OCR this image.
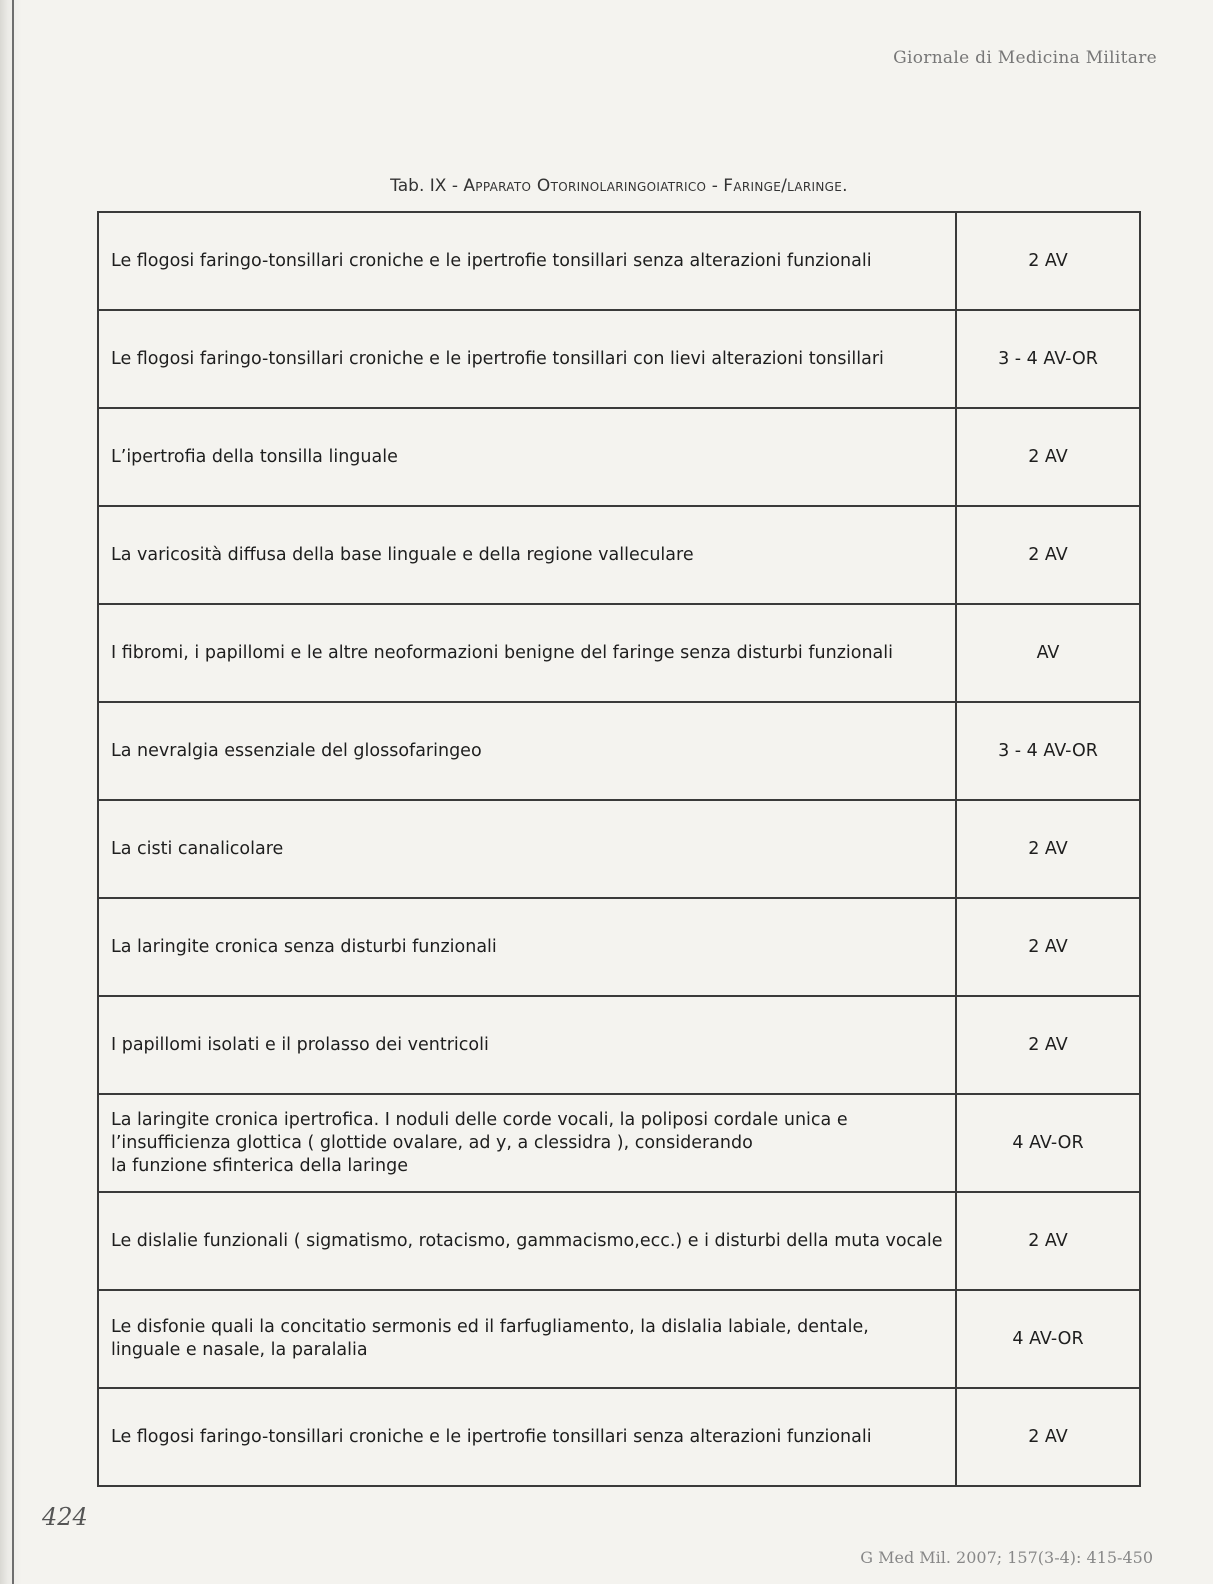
Giornale di Medicina Militare
Tab. IX - Apparato Otorinolaringoiatrico - Faringe/laringe.
Le flogosi faringo-tonsillari croniche e le ipertrofie tonsillari senza alterazioni funzionali	2 AV
Le flogosi faringo-tonsillari croniche e le ipertrofie tonsillari con lievi alterazioni tonsillari	3 - 4 AV-OR
L’ipertrofia della tonsilla linguale	2 AV
La varicosità diffusa della base linguale e della regione valleculare	2 AV
I fibromi, i papillomi e le altre neoformazioni benigne del faringe senza disturbi funzionali	AV
La nevralgia essenziale del glossofaringeo	3 - 4 AV-OR
La cisti canalicolare	2 AV
La laringite cronica senza disturbi funzionali	2 AV
I papillomi isolati e il prolasso dei ventricoli	2 AV

La laringite cronica ipertrofica. I noduli delle corde vocali, la poliposi cordale unica e
l’insufficienza glottica ( glottide ovalare, ad y, a clessidra ), considerando
la funzione sfinterica della laringe	4 AV-OR
Le dislalie funzionali ( sigmatismo, rotacismo, gammacismo,ecc.) e i disturbi della muta vocale	2 AV

Le disfonie quali la concitatio sermonis ed il farfugliamento, la dislalia labiale, dentale,
linguale e nasale, la paralalia	4 AV-OR
Le flogosi faringo-tonsillari croniche e le ipertrofie tonsillari senza alterazioni funzionali	2 AV
424
G Med Mil. 2007; 157(3-4): 415-450
